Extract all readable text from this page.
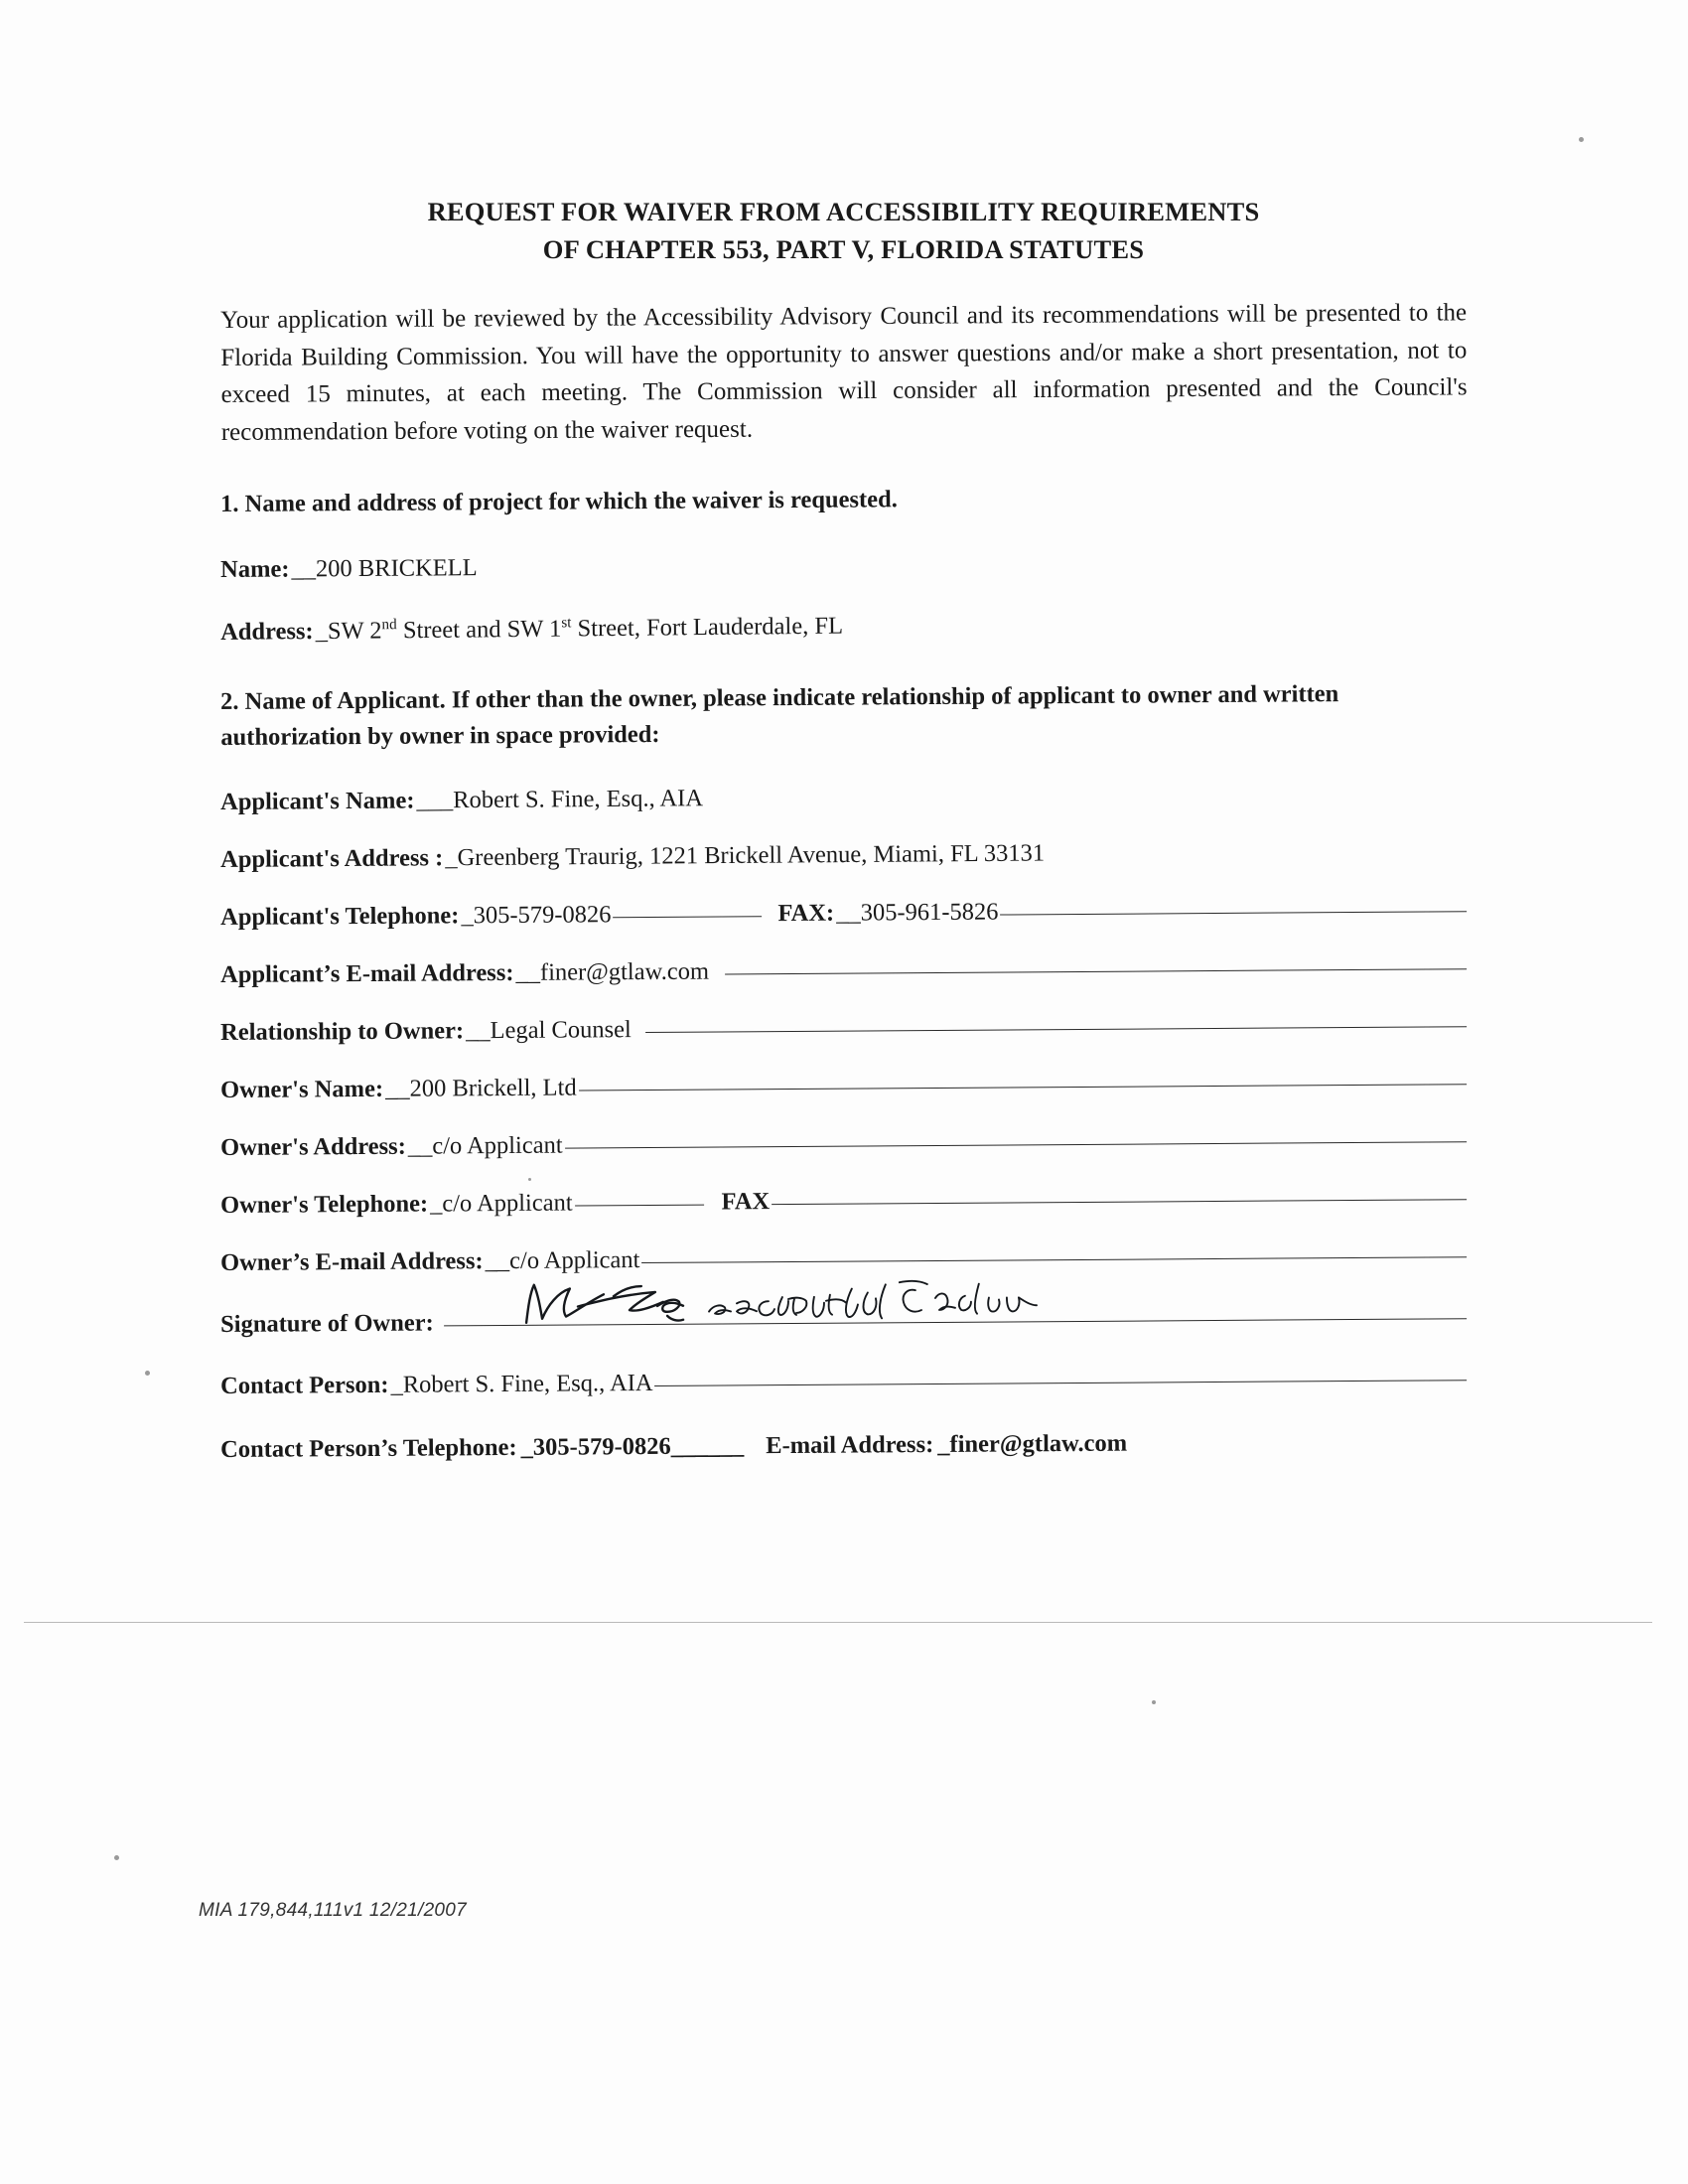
REQUEST FOR WAIVER FROM ACCESSIBILITY REQUIREMENTS
OF CHAPTER 553, PART V, FLORIDA STATUTES

Your application will be reviewed by the Accessibility Advisory Council and its recommendations will be presented to the Florida Building Commission. You will have the opportunity to answer questions and/or make a short presentation, not to exceed 15 minutes, at each meeting. The Commission will consider all information presented and the Council's recommendation before voting on the waiver request.

1. Name and address of project for which the waiver is requested.
Name: __200 BRICKELL
Address: _SW 2nd Street and SW 1st Street, Fort Lauderdale, FL
2. Name of Applicant. If other than the owner, please indicate relationship of applicant to owner and written authorization by owner in space provided:
Applicant's Name: ___Robert S. Fine, Esq., AIA
Applicant's Address : _Greenberg Traurig, 1221 Brickell Avenue, Miami, FL 33131
Applicant's Telephone: _305-579-0826	FAX: __305-961-5826
Applicant’s E-mail Address: __finer@gtlaw.com
Relationship to Owner: __Legal Counsel
Owner's Name: __200 Brickell, Ltd
Owner's Address: __c/o Applicant
Owner's Telephone: _c/o Applicant	FAX
Owner’s E-mail Address: __c/o Applicant
Signature of Owner:
Contact Person: _Robert S. Fine, Esq., AIA
Contact Person’s Telephone: _305-579-0826______ E-mail Address: _finer@gtlaw.com
MIA 179,844,111v1 12/21/2007
